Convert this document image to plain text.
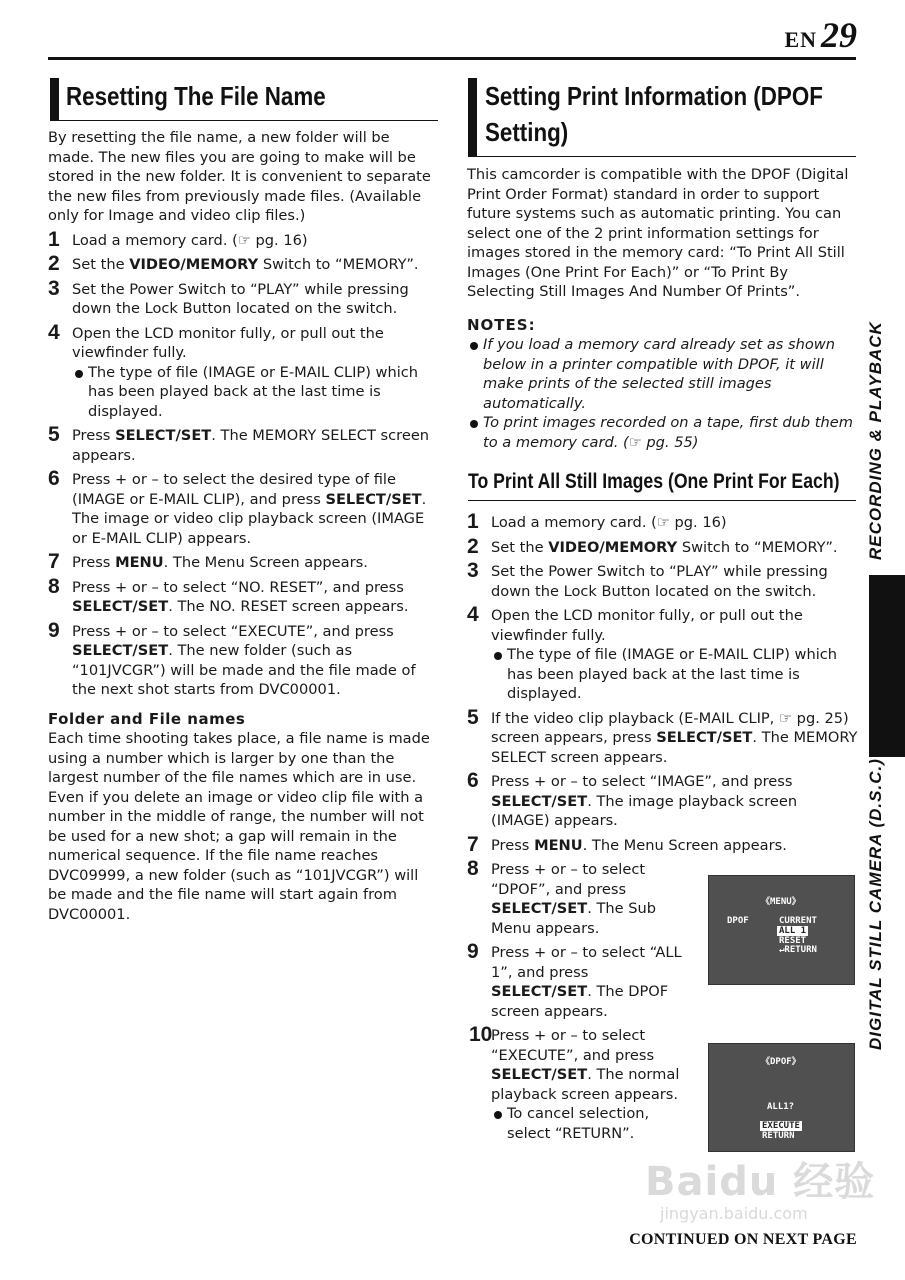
EN 29
Resetting The File Name

By resetting the file name, a new folder will be made. The new files you are going to make will be stored in the new folder. It is convenient to separate the new files from previously made files. (Available only for Image and video clip files.)

1 Load a memory card. (☞ pg. 16)
2 Set the VIDEO/MEMORY Switch to “MEMORY”.
3 Set the Power Switch to “PLAY” while pressing down the Lock Button located on the switch.
4 Open the LCD monitor fully, or pull out the viewfinder fully.
The type of file (IMAGE or E-MAIL CLIP) which has been played back at the last time is displayed.
5 Press SELECT/SET. The MEMORY SELECT screen appears.
6 Press + or – to select the desired type of file (IMAGE or E-MAIL CLIP), and press SELECT/SET. The image or video clip playback screen (IMAGE or E-MAIL CLIP) appears.
7 Press MENU. The Menu Screen appears.
8 Press + or – to select “NO. RESET”, and press SELECT/SET. The NO. RESET screen appears.
9 Press + or – to select “EXECUTE”, and press SELECT/SET. The new folder (such as “101JVCGR”) will be made and the file made of the next shot starts from DVC00001.
Folder and File names

Each time shooting takes place, a file name is made using a number which is larger by one than the largest number of the file names which are in use. Even if you delete an image or video clip file with a number in the middle of range, the number will not be used for a new shot; a gap will remain in the numerical sequence. If the file name reaches DVC09999, a new folder (such as “101JVCGR”) will be made and the file name will start again from DVC00001.

Setting Print Information (DPOF
Setting)

This camcorder is compatible with the DPOF (Digital Print Order Format) standard in order to support future systems such as automatic printing. You can select one of the 2 print information settings for images stored in the memory card: “To Print All Still Images (One Print For Each)” or “To Print By Selecting Still Images And Number Of Prints”.

NOTES:
If you load a memory card already set as shown below in a printer compatible with DPOF, it will make prints of the selected still images automatically.
To print images recorded on a tape, first dub them to a memory card. (☞ pg. 55)
To Print All Still Images (One Print For Each)
1 Load a memory card. (☞ pg. 16)
2 Set the VIDEO/MEMORY Switch to “MEMORY”.
3 Set the Power Switch to “PLAY” while pressing down the Lock Button located on the switch.
4 Open the LCD monitor fully, or pull out the viewfinder fully.
The type of file (IMAGE or E-MAIL CLIP) which has been played back at the last time is displayed.
5 If the video clip playback (E-MAIL CLIP, ☞ pg. 25) screen appears, press SELECT/SET. The MEMORY SELECT screen appears.
6 Press + or – to select “IMAGE”, and press SELECT/SET. The image playback screen (IMAGE) appears.
7 Press MENU. The Menu Screen appears.
8 Press + or – to select “DPOF”, and press SELECT/SET. The Sub Menu appears.
9 Press + or – to select “ALL 1”, and press SELECT/SET. The DPOF screen appears.
10
Press + or – to select “EXECUTE”, and press SELECT/SET. The normal playback screen appears.
To cancel selection, select “RETURN”.
《MENU》
DPOF	CURRENT
ALL 1
RESET
↵RETURN
《DPOF》
ALL1?
EXECUTE
RETURN
RECORDING & PLAYBACK
DIGITAL STILL CAMERA (D.S.C.)
Baidu 经验
jingyan.baidu.com
CONTINUED ON NEXT PAGE
